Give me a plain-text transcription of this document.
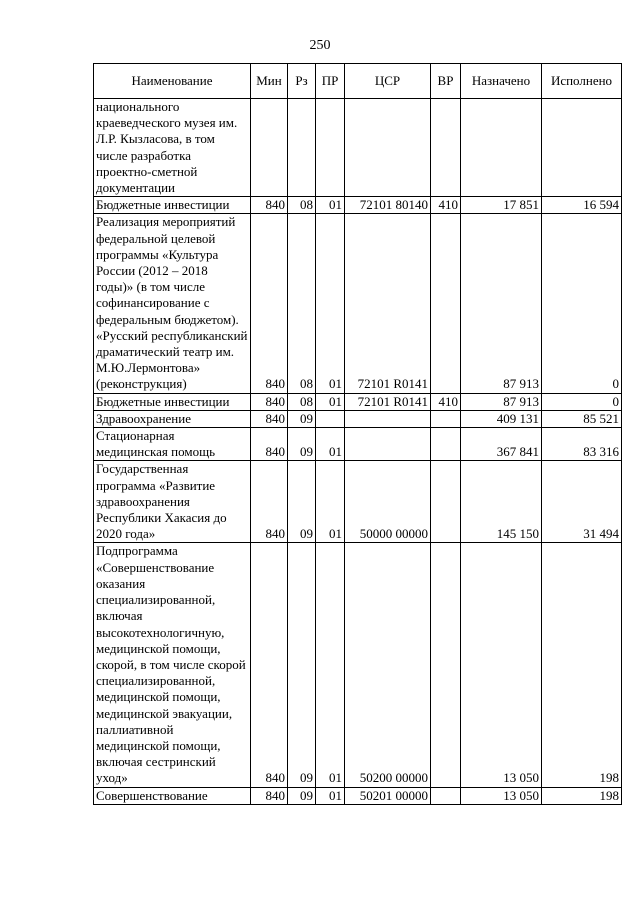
250
Наименование	Мин	Рз	ПР	ЦСР	ВР	Назначено	Исполнено
национального краеведческого музея им. Л.Р. Кызласова, в том числе разработка проектно-сметной документации							
Бюджетные инвестиции	840	08	01	72101 80140	410	17 851	16 594
Реализация мероприятий федеральной целевой программы «Культура России (2012 – 2018 годы)» (в том числе софинансирование с федеральным бюджетом). «Русский республиканский драматический театр им. М.Ю.Лермонтова» (реконструкция)	840	08	01	72101 R0141		87 913	0
Бюджетные инвестиции	840	08	01	72101 R0141	410	87 913	0
Здравоохранение	840	09				409 131	85 521
Стационарная медицинская помощь	840	09	01			367 841	83 316
Государственная программа «Развитие здравоохранения Республики Хакасия до 2020 года»	840	09	01	50000 00000		145 150	31 494
Подпрограмма «Совершенствование оказания специализированной, включая высокотехнологичную, медицинской помощи, скорой, в том числе скорой специализированной, медицинской помощи, медицинской эвакуации, паллиативной медицинской помощи, включая сестринский уход»	840	09	01	50200 00000		13 050	198
Совершенствование	840	09	01	50201 00000		13 050	198
